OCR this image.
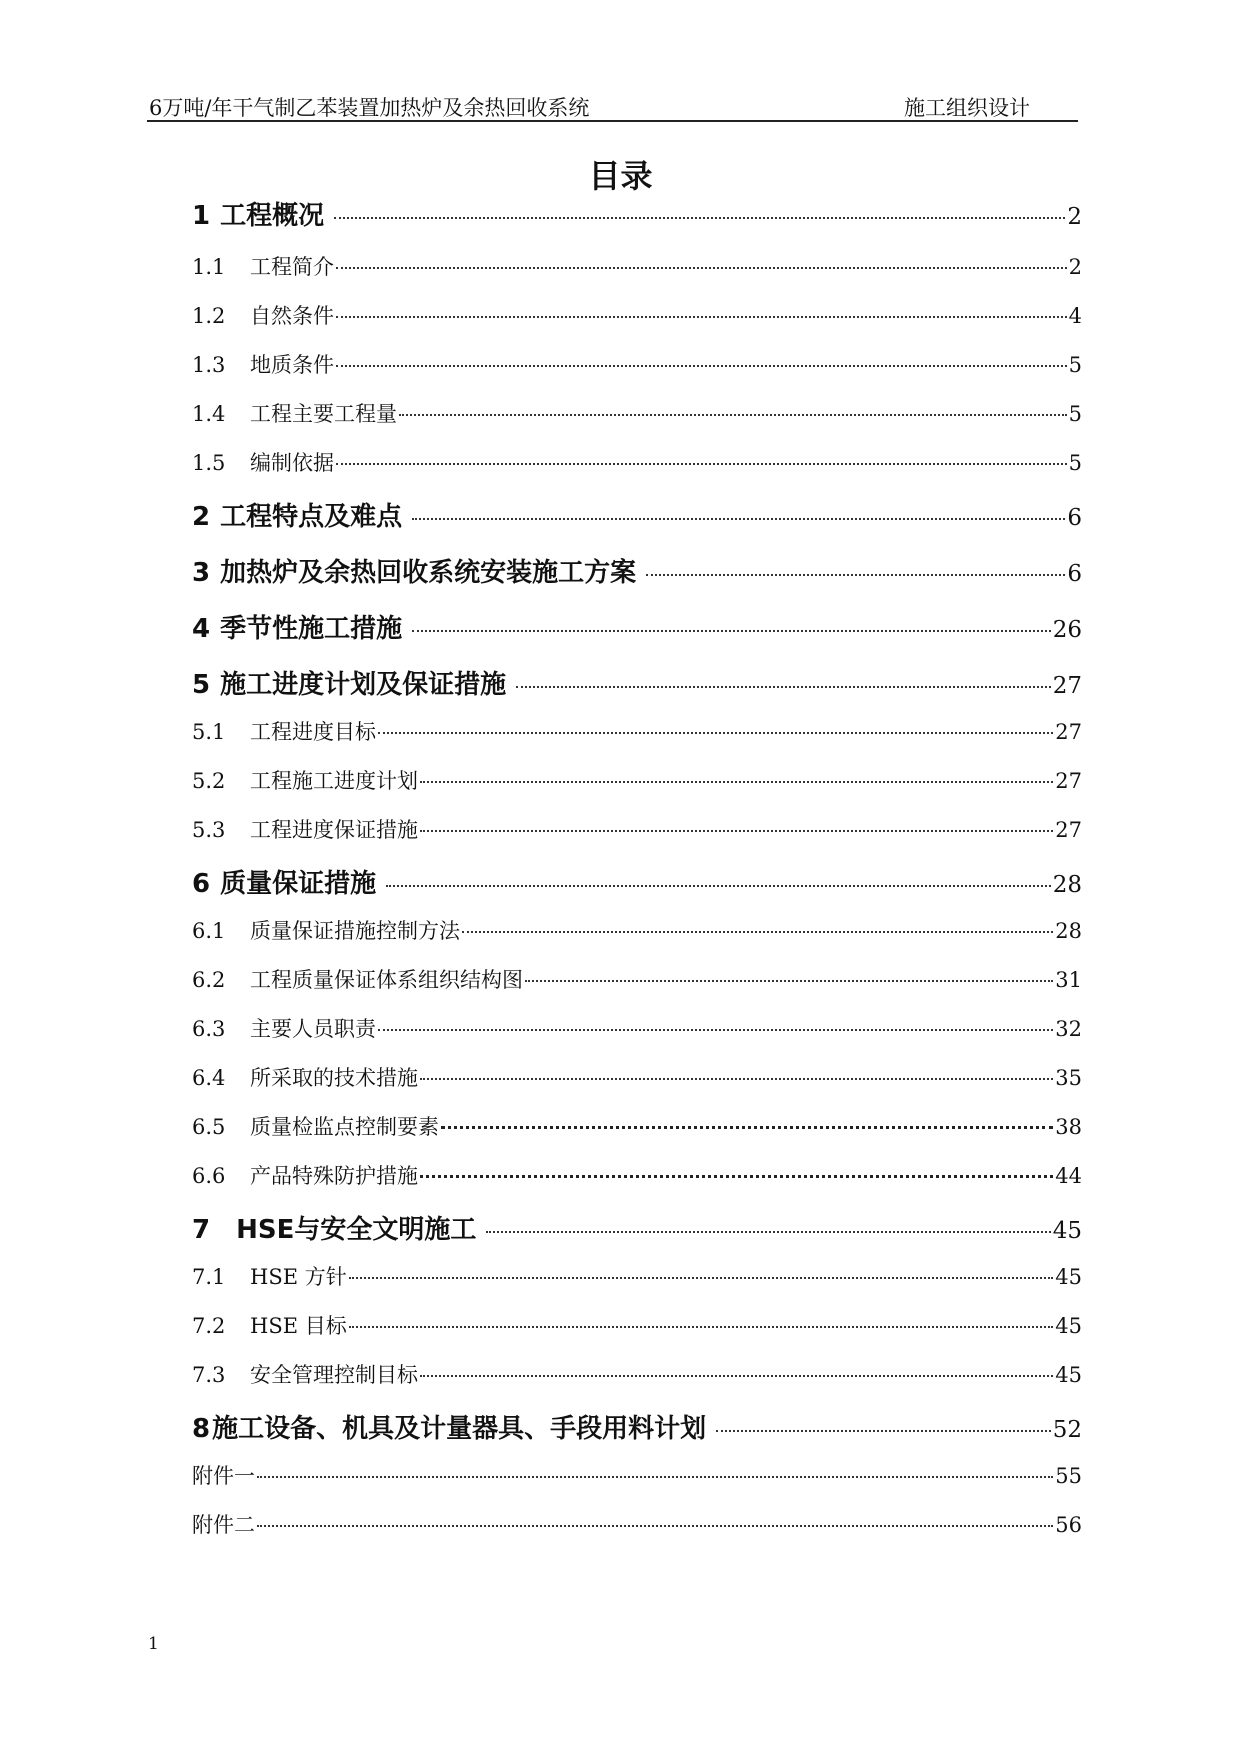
6万吨/年干气制乙苯装置加热炉及余热回收系统	施工组织设计
目录
1 工程概况	2
1.1	工程简介	2
1.2	自然条件	4
1.3	地质条件	5
1.4	工程主要工程量	5
1.5	编制依据	5
2 工程特点及难点	6
3 加热炉及余热回收系统安装施工方案	6
4 季节性施工措施	26
5 施工进度计划及保证措施	27
5.1	工程进度目标	27
5.2	工程施工进度计划	27
5.3	工程进度保证措施	27
6 质量保证措施	28
6.1	质量保证措施控制方法	28
6.2	工程质量保证体系组织结构图	31
6.3	主要人员职责	32
6.4	所采取的技术措施	35
6.5	质量检监点控制要素	38
6.6	产品特殊防护措施	44
7 HSE与安全文明施工	45
7.1	HSE 方针	45
7.2	HSE 目标	45
7.3	安全管理控制目标	45
8 施工设备、机具及计量器具、手段用料计划	52
附件一	55
附件二	56
1
